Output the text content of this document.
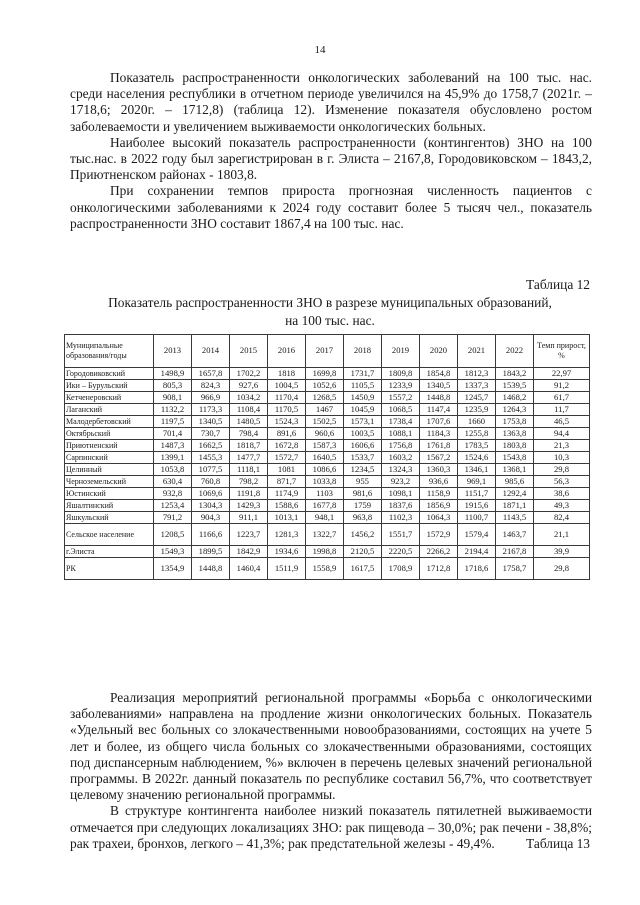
14

Показатель распространенности онкологических заболеваний на 100 тыс. нас. среди населения республики в отчетном периоде увеличился на 45,9% до 1758,7 (2021г. – 1718,6; 2020г. – 1712,8) (таблица 12). Изменение показателя обусловлено ростом заболеваемости и увеличением выживаемости онкологических больных.

Наиболее высокий показатель распространенности (контингентов) ЗНО на 100 тыс.нас. в 2022 году был зарегистрирован в г. Элиста – 2167,8, Городовиковском – 1843,2, Приютненском районах - 1803,8.

При сохранении темпов прироста прогнозная численность пациентов с онкологическими заболеваниями к 2024 году составит более 5 тысяч чел., показатель распространенности ЗНО составит 1867,4 на 100 тыс. нас.

Таблица 12
Показатель распространенности ЗНО в разрезе муниципальных образований,
на 100 тыс. нас.
Муниципальные образования/годы	2013	2014	2015	2016	2017	2018	2019	2020	2021	2022	Темп прирост, %
Городовиковский	1498,9	1657,8	1702,2	1818	1699,8	1731,7	1809,8	1854,8	1812,3	1843,2	22,97
Ики – Бурульский	805,3	824,3	927,6	1004,5	1052,6	1105,5	1233,9	1340,5	1337,3	1539,5	91,2
Кетченеровский	908,1	966,9	1034,2	1170,4	1268,5	1450,9	1557,2	1448,8	1245,7	1468,2	61,7
Лаганский	1132,2	1173,3	1108,4	1170,5	1467	1045,9	1068,5	1147,4	1235,9	1264,3	11,7
Малодербетовский	1197,5	1340,5	1480,5	1524,3	1502,5	1573,1	1738,4	1707,6	1660	1753,8	46,5
Октябрьский	701,4	730,7	798,4	891,6	960,6	1003,5	1088,1	1184,3	1255,8	1363,8	94,4
Приютненский	1487,3	1662,5	1818,7	1672,8	1587,3	1606,6	1756,8	1761,8	1783,5	1803,8	21,3
Сарпинский	1399,1	1455,3	1477,7	1572,7	1640,5	1533,7	1603,2	1567,2	1524,6	1543,8	10,3
Целинный	1053,8	1077,5	1118,1	1081	1086,6	1234,5	1324,3	1360,3	1346,1	1368,1	29,8
Черноземельский	630,4	760,8	798,2	871,7	1033,8	955	923,2	936,6	969,1	985,6	56,3
Юстинский	932,8	1069,6	1191,8	1174,9	1103	981,6	1098,1	1158,9	1151,7	1292,4	38,6
Яшалтинский	1253,4	1304,3	1429,3	1588,6	1677,8	1759	1837,6	1856,9	1915,6	1871,1	49,3
Яшкульский	791,2	904,3	911,1	1013,1	948,1	963,8	1102,3	1064,3	1100,7	1143,5	82,4
Сельское население	1208,5	1166,6	1223,7	1281,3	1322,7	1456,2	1551,7	1572,9	1579,4	1463,7	21,1
г.Элиста	1549,3	1899,5	1842,9	1934,6	1998,8	2120,5	2220,5	2266,2	2194,4	2167,8	39,9
РК	1354,9	1448,8	1460,4	1511,9	1558,9	1617,5	1708,9	1712,8	1718,6	1758,7	29,8

Реализация мероприятий региональной программы «Борьба с онкологическими заболеваниями» направлена на продление жизни онкологических больных. Показатель «Удельный вес больных со злокачественными новообразованиями, состоящих на учете 5 лет и более, из общего числа больных со злокачественными образованиями, состоящих под диспансерным наблюдением, %» включен в перечень целевых значений региональной программы. В 2022г. данный показатель по республике составил 56,7%, что соответствует целевому значению региональной программы.

В структуре контингента наиболее низкий показатель пятилетней выживаемости отмечается при следующих локализациях ЗНО: рак пищевода – 30,0%; рак печени - 38,8%; рак трахеи, бронхов, легкого – 41,3%; рак предстательной железы - 49,4%.	Таблица 13
